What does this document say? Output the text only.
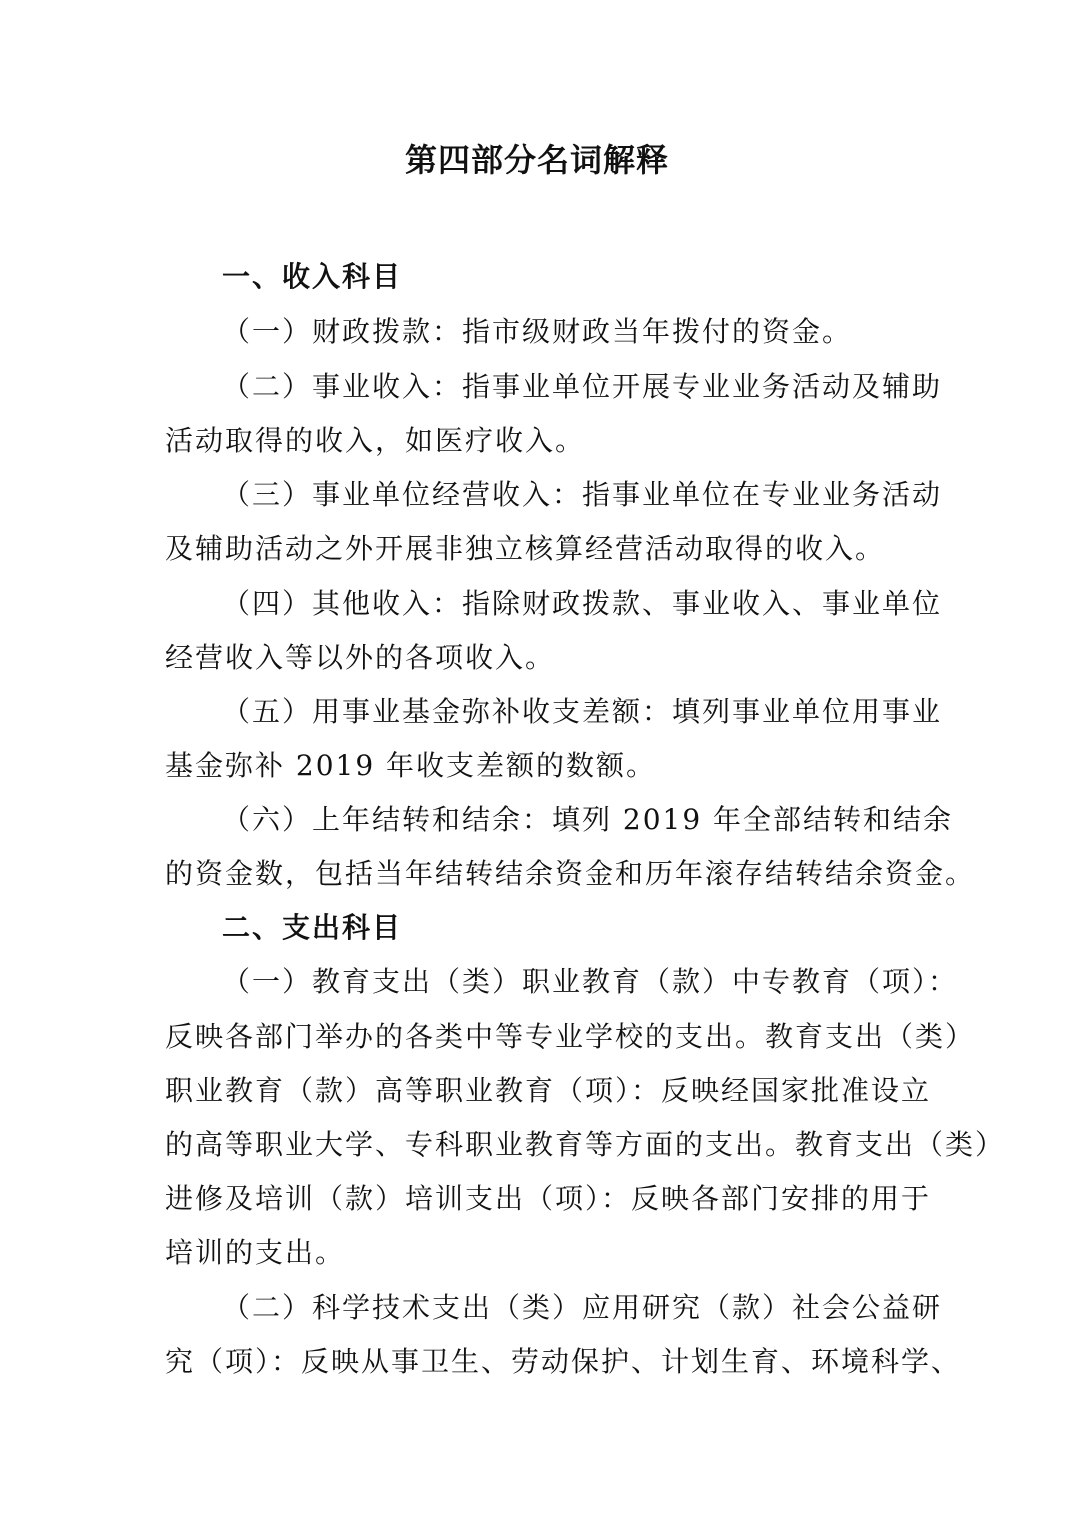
第四部分名词解释
一、收入科目
（一）财政拨款：指市级财政当年拨付的资金。
（二）事业收入：指事业单位开展专业业务活动及辅助
活动取得的收入，如医疗收入。
（三）事业单位经营收入：指事业单位在专业业务活动
及辅助活动之外开展非独立核算经营活动取得的收入。
（四）其他收入：指除财政拨款、事业收入、事业单位
经营收入等以外的各项收入。
（五）用事业基金弥补收支差额：填列事业单位用事业
基金弥补 2019 年收支差额的数额。
（六）上年结转和结余：填列 2019 年全部结转和结余
的资金数，包括当年结转结余资金和历年滚存结转结余资金。
二、支出科目
（一）教育支出（类）职业教育（款）中专教育（项）：
反映各部门举办的各类中等专业学校的支出。教育支出（类）
职业教育（款）高等职业教育（项）：反映经国家批准设立
的高等职业大学、专科职业教育等方面的支出。教育支出（类）
进修及培训（款）培训支出（项）：反映各部门安排的用于
培训的支出。
（二）科学技术支出（类）应用研究（款）社会公益研
究（项）：反映从事卫生、劳动保护、计划生育、环境科学、
